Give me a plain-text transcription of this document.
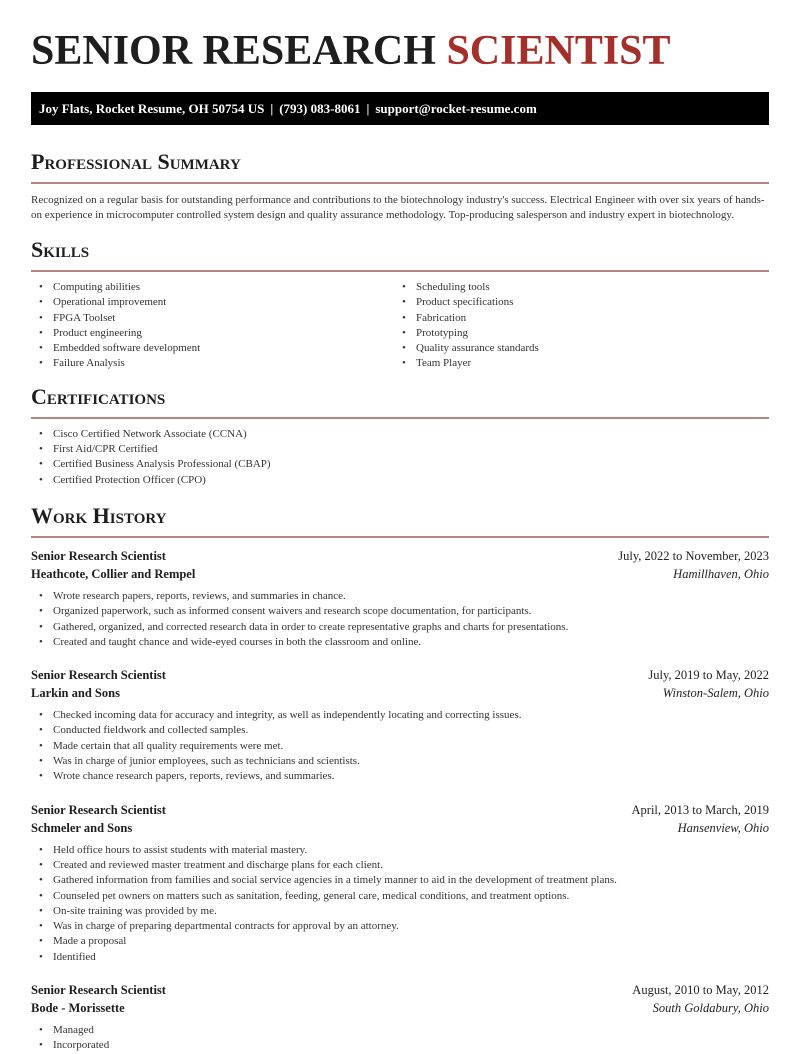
SENIOR RESEARCH SCIENTIST
Joy Flats, Rocket Resume, OH 50754 US | (793) 083-8061 | support@rocket-resume.com
Professional Summary

Recognized on a regular basis for outstanding performance and contributions to the biotechnology industry's success. Electrical Engineer with over six years of hands-on experience in microcomputer controlled system design and quality assurance methodology. Top-producing salesperson and industry expert in biotechnology.

Skills
• Computing abilities
• Operational improvement
• FPGA Toolset
• Product engineering
• Embedded software development
• Failure Analysis
• Scheduling tools
• Product specifications
• Fabrication
• Prototyping
• Quality assurance standards
• Team Player
Certifications
• Cisco Certified Network Associate (CCNA)
• First Aid/CPR Certified
• Certified Business Analysis Professional (CBAP)
• Certified Protection Officer (CPO)
Work History
Senior Research Scientist	July, 2022 to November, 2023
Heathcote, Collier and Rempel	Hamillhaven, Ohio
• Wrote research papers, reports, reviews, and summaries in chance.
• Organized paperwork, such as informed consent waivers and research scope documentation, for participants.
• Gathered, organized, and corrected research data in order to create representative graphs and charts for presentations.
• Created and taught chance and wide-eyed courses in both the classroom and online.
Senior Research Scientist	July, 2019 to May, 2022
Larkin and Sons	Winston-Salem, Ohio
• Checked incoming data for accuracy and integrity, as well as independently locating and correcting issues.
• Conducted fieldwork and collected samples.
• Made certain that all quality requirements were met.
• Was in charge of junior employees, such as technicians and scientists.
• Wrote chance research papers, reports, reviews, and summaries.
Senior Research Scientist	April, 2013 to March, 2019
Schmeler and Sons	Hansenview, Ohio
• Held office hours to assist students with material mastery.
• Created and reviewed master treatment and discharge plans for each client.
• Gathered information from families and social service agencies in a timely manner to aid in the development of treatment plans.
• Counseled pet owners on matters such as sanitation, feeding, general care, medical conditions, and treatment options.
• On-site training was provided by me.
• Was in charge of preparing departmental contracts for approval by an attorney.
• Made a proposal
• Identified
Senior Research Scientist	August, 2010 to May, 2012
Bode - Morissette	South Goldabury, Ohio
• Managed
• Incorporated
